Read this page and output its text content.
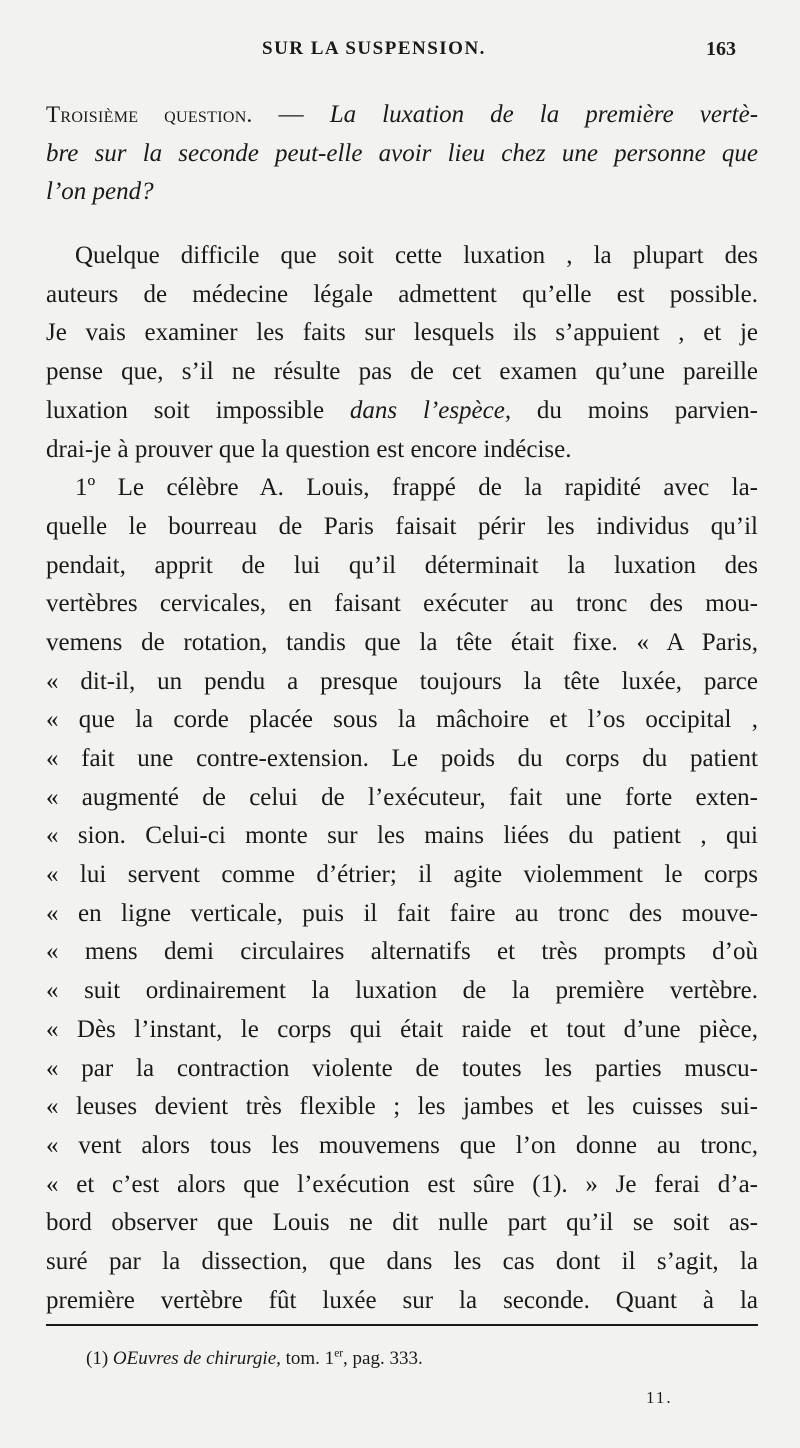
SUR LA SUSPENSION.	163
Troisième question. — La luxation de la première vertè-
bre sur la seconde peut-elle avoir lieu chez une personne que
l’on pend?
Quelque difficile que soit cette luxation , la plupart des
auteurs de médecine légale admettent qu’elle est possible.
Je vais examiner les faits sur lesquels ils s’appuient , et je
pense que, s’il ne résulte pas de cet examen qu’une pareille
luxation soit impossible dans l’espèce, du moins parvien-
drai-je à prouver que la question est encore indécise.
1º Le célèbre A. Louis, frappé de la rapidité avec la-
quelle le bourreau de Paris faisait périr les individus qu’il
pendait, apprit de lui qu’il déterminait la luxation des
vertèbres cervicales, en faisant exécuter au tronc des mou-
vemens de rotation, tandis que la tête était fixe. « A Paris,
« dit-il, un pendu a presque toujours la tête luxée, parce
« que la corde placée sous la mâchoire et l’os occipital ,
« fait une contre-extension. Le poids du corps du patient
« augmenté de celui de l’exécuteur, fait une forte exten-
« sion. Celui-ci monte sur les mains liées du patient , qui
« lui servent comme d’étrier; il agite violemment le corps
« en ligne verticale, puis il fait faire au tronc des mouve-
« mens demi circulaires alternatifs et très prompts d’où
« suit ordinairement la luxation de la première vertèbre.
« Dès l’instant, le corps qui était raide et tout d’une pièce,
« par la contraction violente de toutes les parties muscu-
« leuses devient très flexible ; les jambes et les cuisses sui-
« vent alors tous les mouvemens que l’on donne au tronc,
« et c’est alors que l’exécution est sûre (1). » Je ferai d’a-
bord observer que Louis ne dit nulle part qu’il se soit as-
suré par la dissection, que dans les cas dont il s’agit, la
première vertèbre fût luxée sur la seconde. Quant à la
(1) OEuvres de chirurgie, tom. 1er, pag. 333.
11.
